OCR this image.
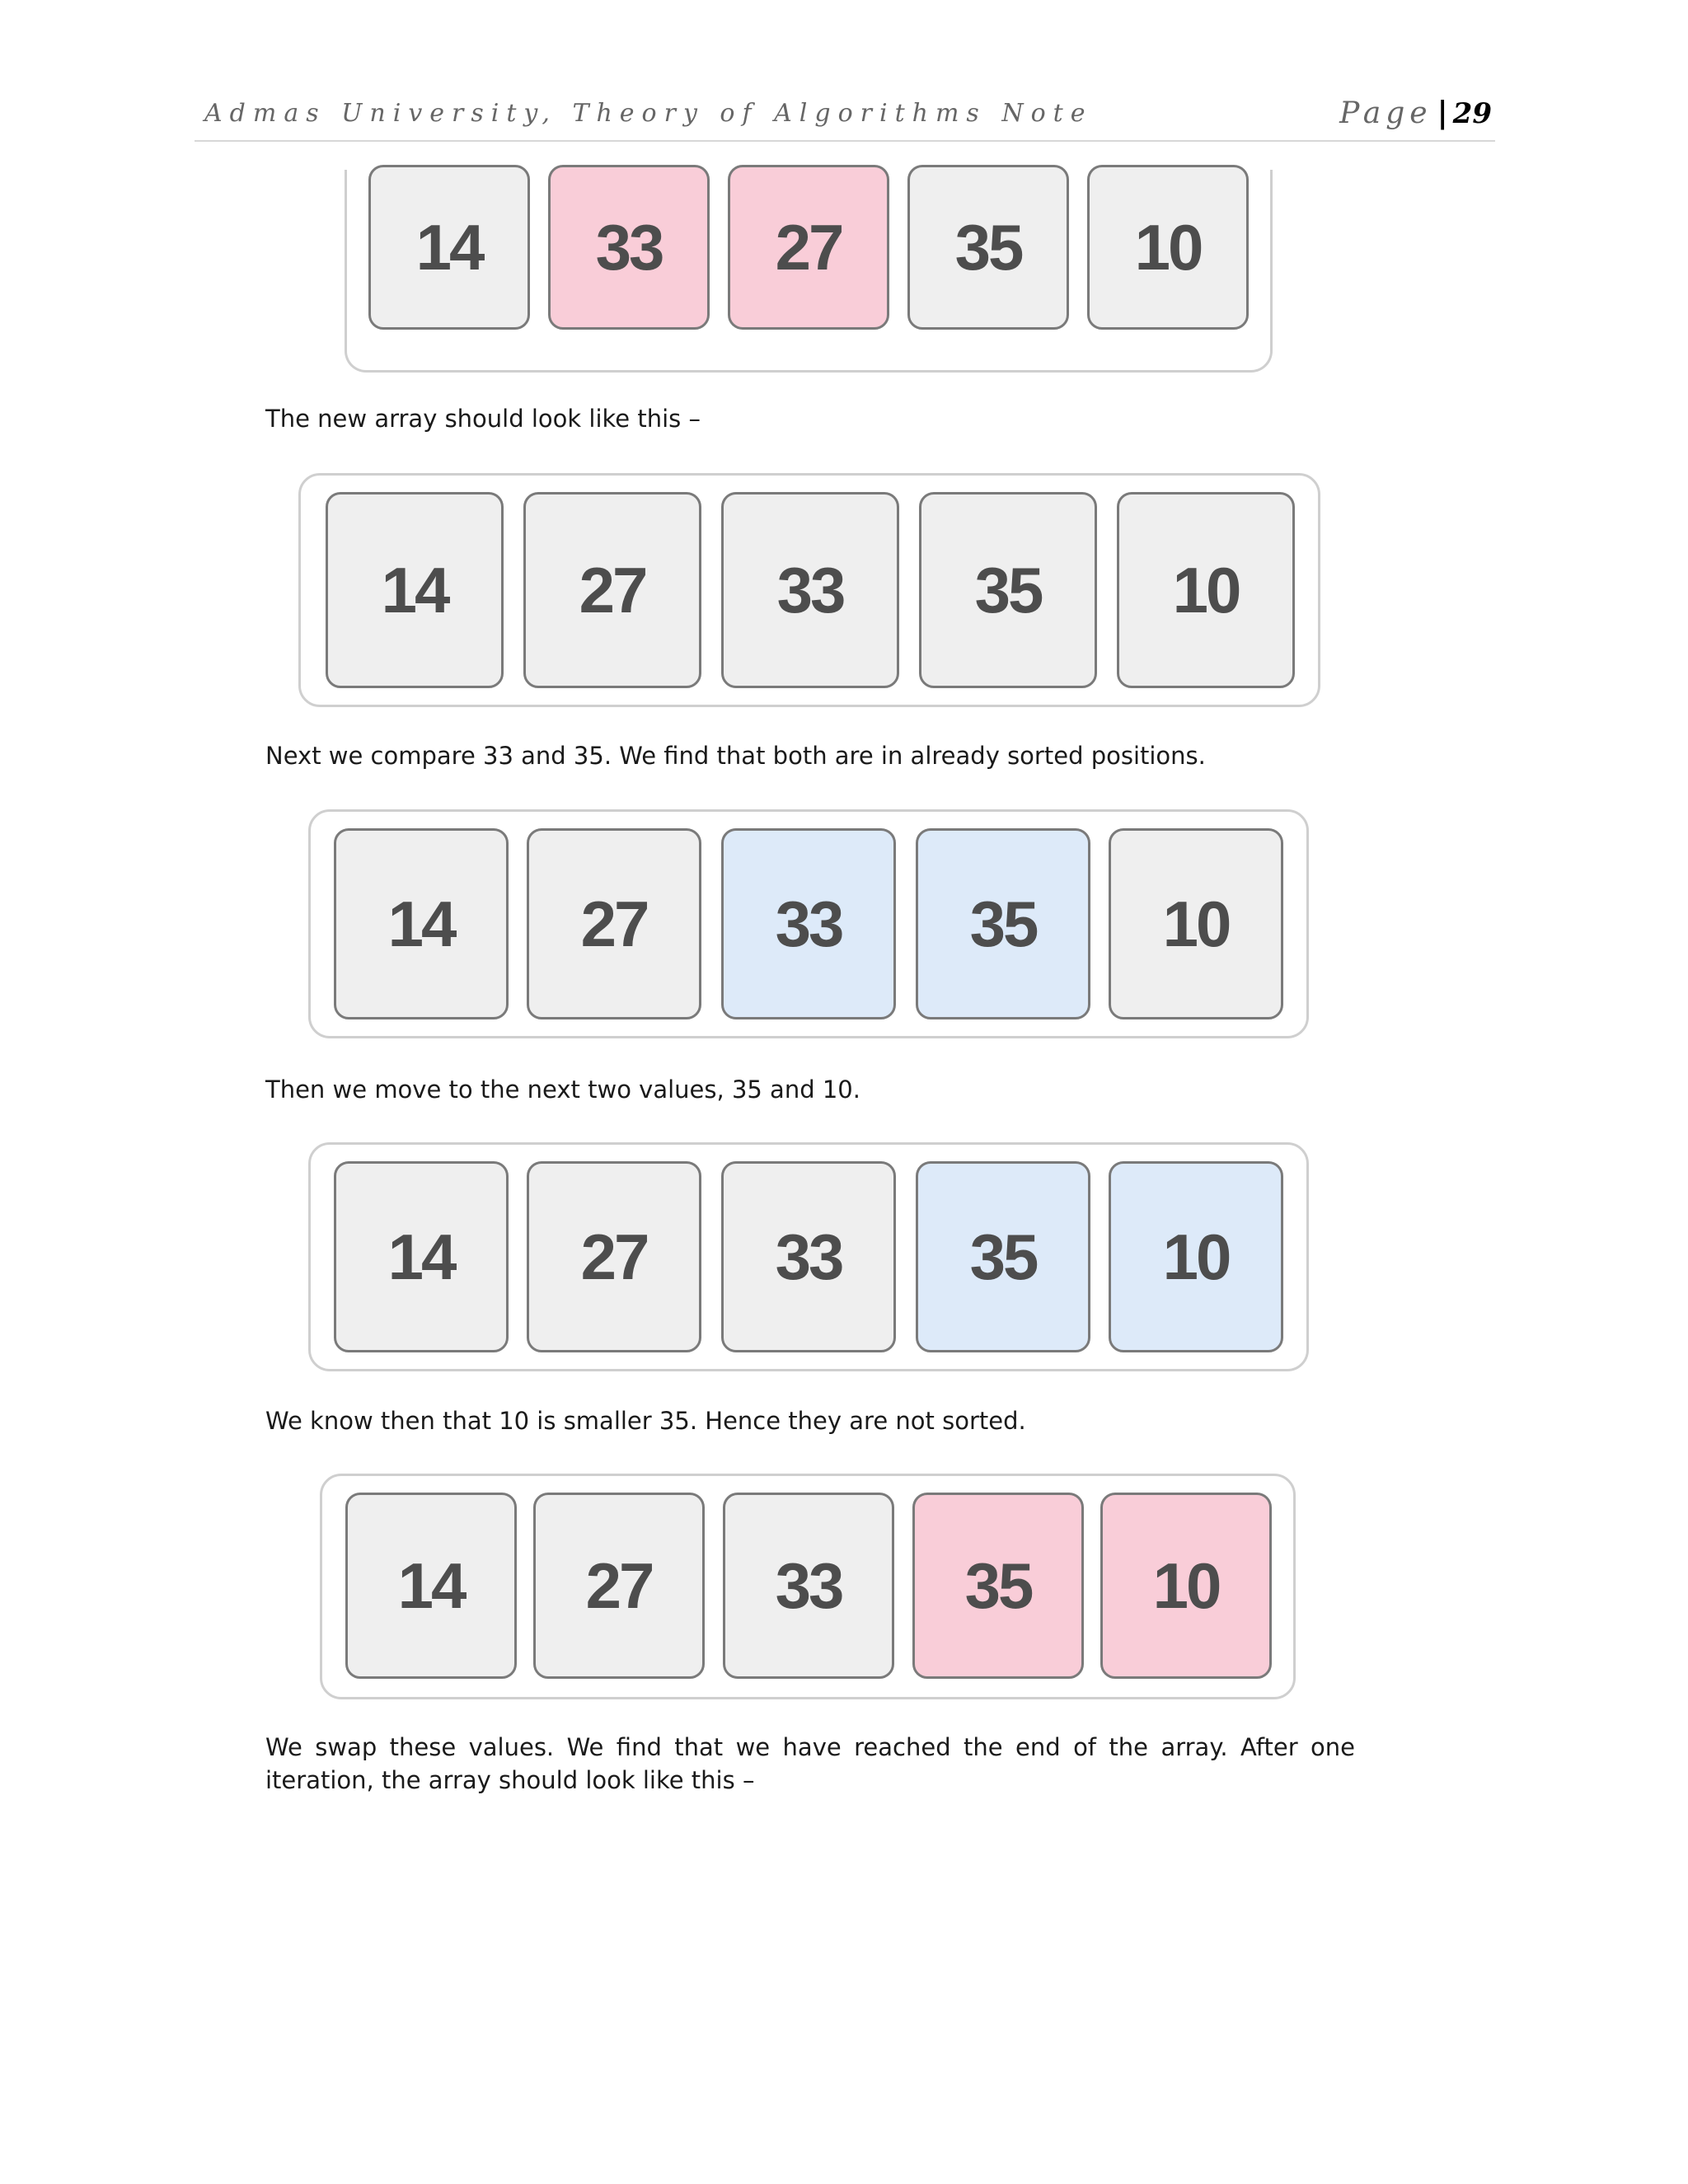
Admas University, Theory of Algorithms Note	Page | 29
14	33	27	35	10
The new array should look like this –
14	27	33	35	10
Next we compare 33 and 35. We find that both are in already sorted positions.
14	27	33	35	10
Then we move to the next two values, 35 and 10.
14	27	33	35	10
We know then that 10 is smaller 35. Hence they are not sorted.
14	27	33	35	10
We swap these values. We find that we have reached the end of the array. After one
iteration, the array should look like this –
